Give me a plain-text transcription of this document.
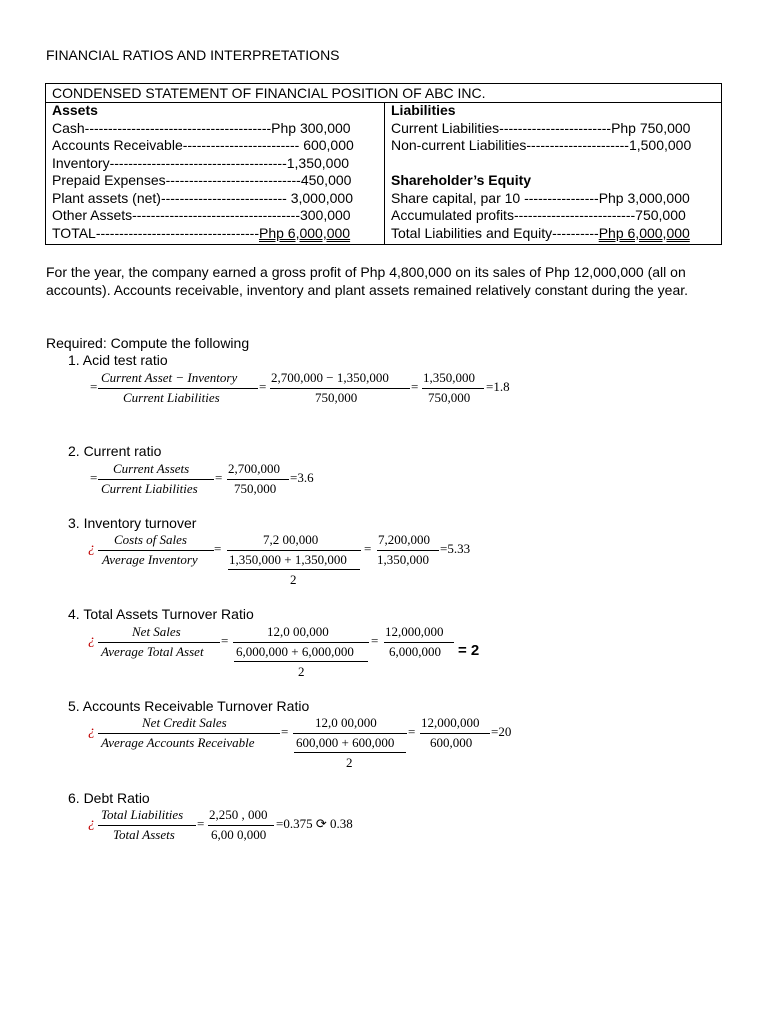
FINANCIAL RATIOS AND INTERPRETATIONS
CONDENSED STATEMENT OF FINANCIAL POSITION OF ABC INC.
Assets
Cash----------------------------------------Php 300,000
Accounts Receivable------------------------- 600,000
Inventory--------------------------------------1,350,000
Prepaid Expenses-----------------------------450,000
Plant assets (net)--------------------------- 3,000,000
Other Assets------------------------------------300,000
TOTAL-----------------------------------Php 6,000,000
Liabilities
Current Liabilities------------------------Php 750,000
Non-current Liabilities----------------------1,500,000

Shareholder’s Equity
Share capital, par 10 ----------------Php 3,000,000
Accumulated profits--------------------------750,000
Total Liabilities and Equity----------Php 6,000,000
For the year, the company earned a gross profit of Php 4,800,000 on its sales of Php 12,000,000 (all on accounts). Accounts receivable, inventory and plant assets remained relatively constant during the year.
Required: Compute the following
1. Acid test ratio
=
Current Asset − Inventory
Current Liabilities
=
2,700,000 − 1,350,000
750,000
=
1,350,000
750,000
=1.8
2. Current ratio
=
Current Assets
Current Liabilities
=
2,700,000
750,000
=3.6
3. Inventory turnover
¿
Costs of Sales
Average Inventory
=
7,2 00,000
1,350,000 + 1,350,000
2
=
7,200,000
1,350,000
=5.33
4. Total Assets Turnover Ratio
¿
Net Sales
Average Total Asset
=
12,0 00,000
6,000,000 + 6,000,000
2
=
12,000,000
6,000,000 = 2
5. Accounts Receivable Turnover Ratio
¿
Net Credit Sales
Average Accounts Receivable
=
12,0 00,000
600,000 + 600,000
2
=
12,000,000
600,000
=20
6. Debt Ratio
¿
Total Liabilities
Total Assets
=
2,250 , 000
6,00 0,000
=0.375 ⟳ 0.38
